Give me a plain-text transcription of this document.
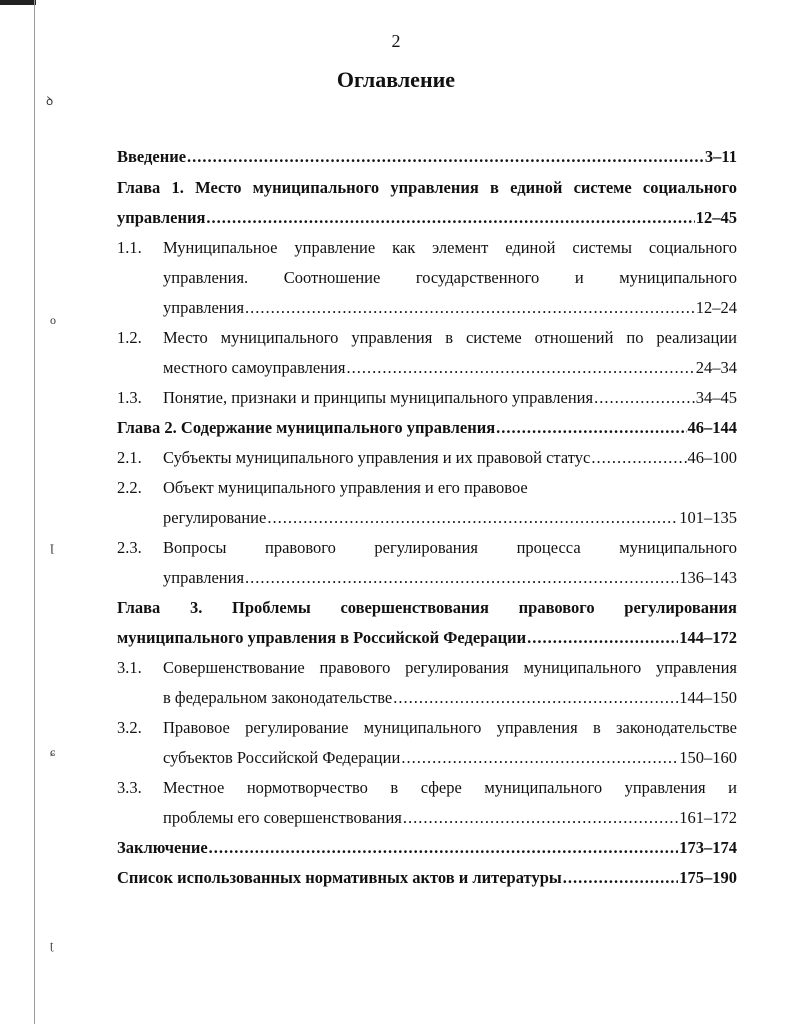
ꝺ
o
ꞁ
ɕ
ʈ
2
Оглавление
Введение .....	3–11
Глава 1. Место муниципального управления в единой системе социального
управления .....	12–45
1.1. Муниципальное управление как элемент единой системы социального
управления. Соотношение государственного и муниципального
управления .....	12–24
1.2. Место муниципального управления в системе отношений по реализации
местного самоуправления .....	24–34
1.3. Понятие, признаки и принципы муниципального управления .....	34–45
Глава 2. Содержание муниципального управления .....	46–144
2.1. Субъекты муниципального управления и их правовой статус .....	46–100
2.2. Объект муниципального управления и его правовое
регулирование .....	101–135
2.3. Вопросы правового регулирования процесса муниципального
управления .....	136–143
Глава 3. Проблемы совершенствования правового регулирования
муниципального управления в Российской Федерации .....	144–172
3.1. Совершенствование правового регулирования муниципального управления
в федеральном законодательстве .....	144–150
3.2. Правовое регулирование муниципального управления в законодательстве
субъектов Российской Федерации .....	150–160
3.3. Местное нормотворчество в сфере муниципального управления и
проблемы его совершенствования .....	161–172
Заключение .....	173–174
Список использованных нормативных актов и литературы .....	175–190
